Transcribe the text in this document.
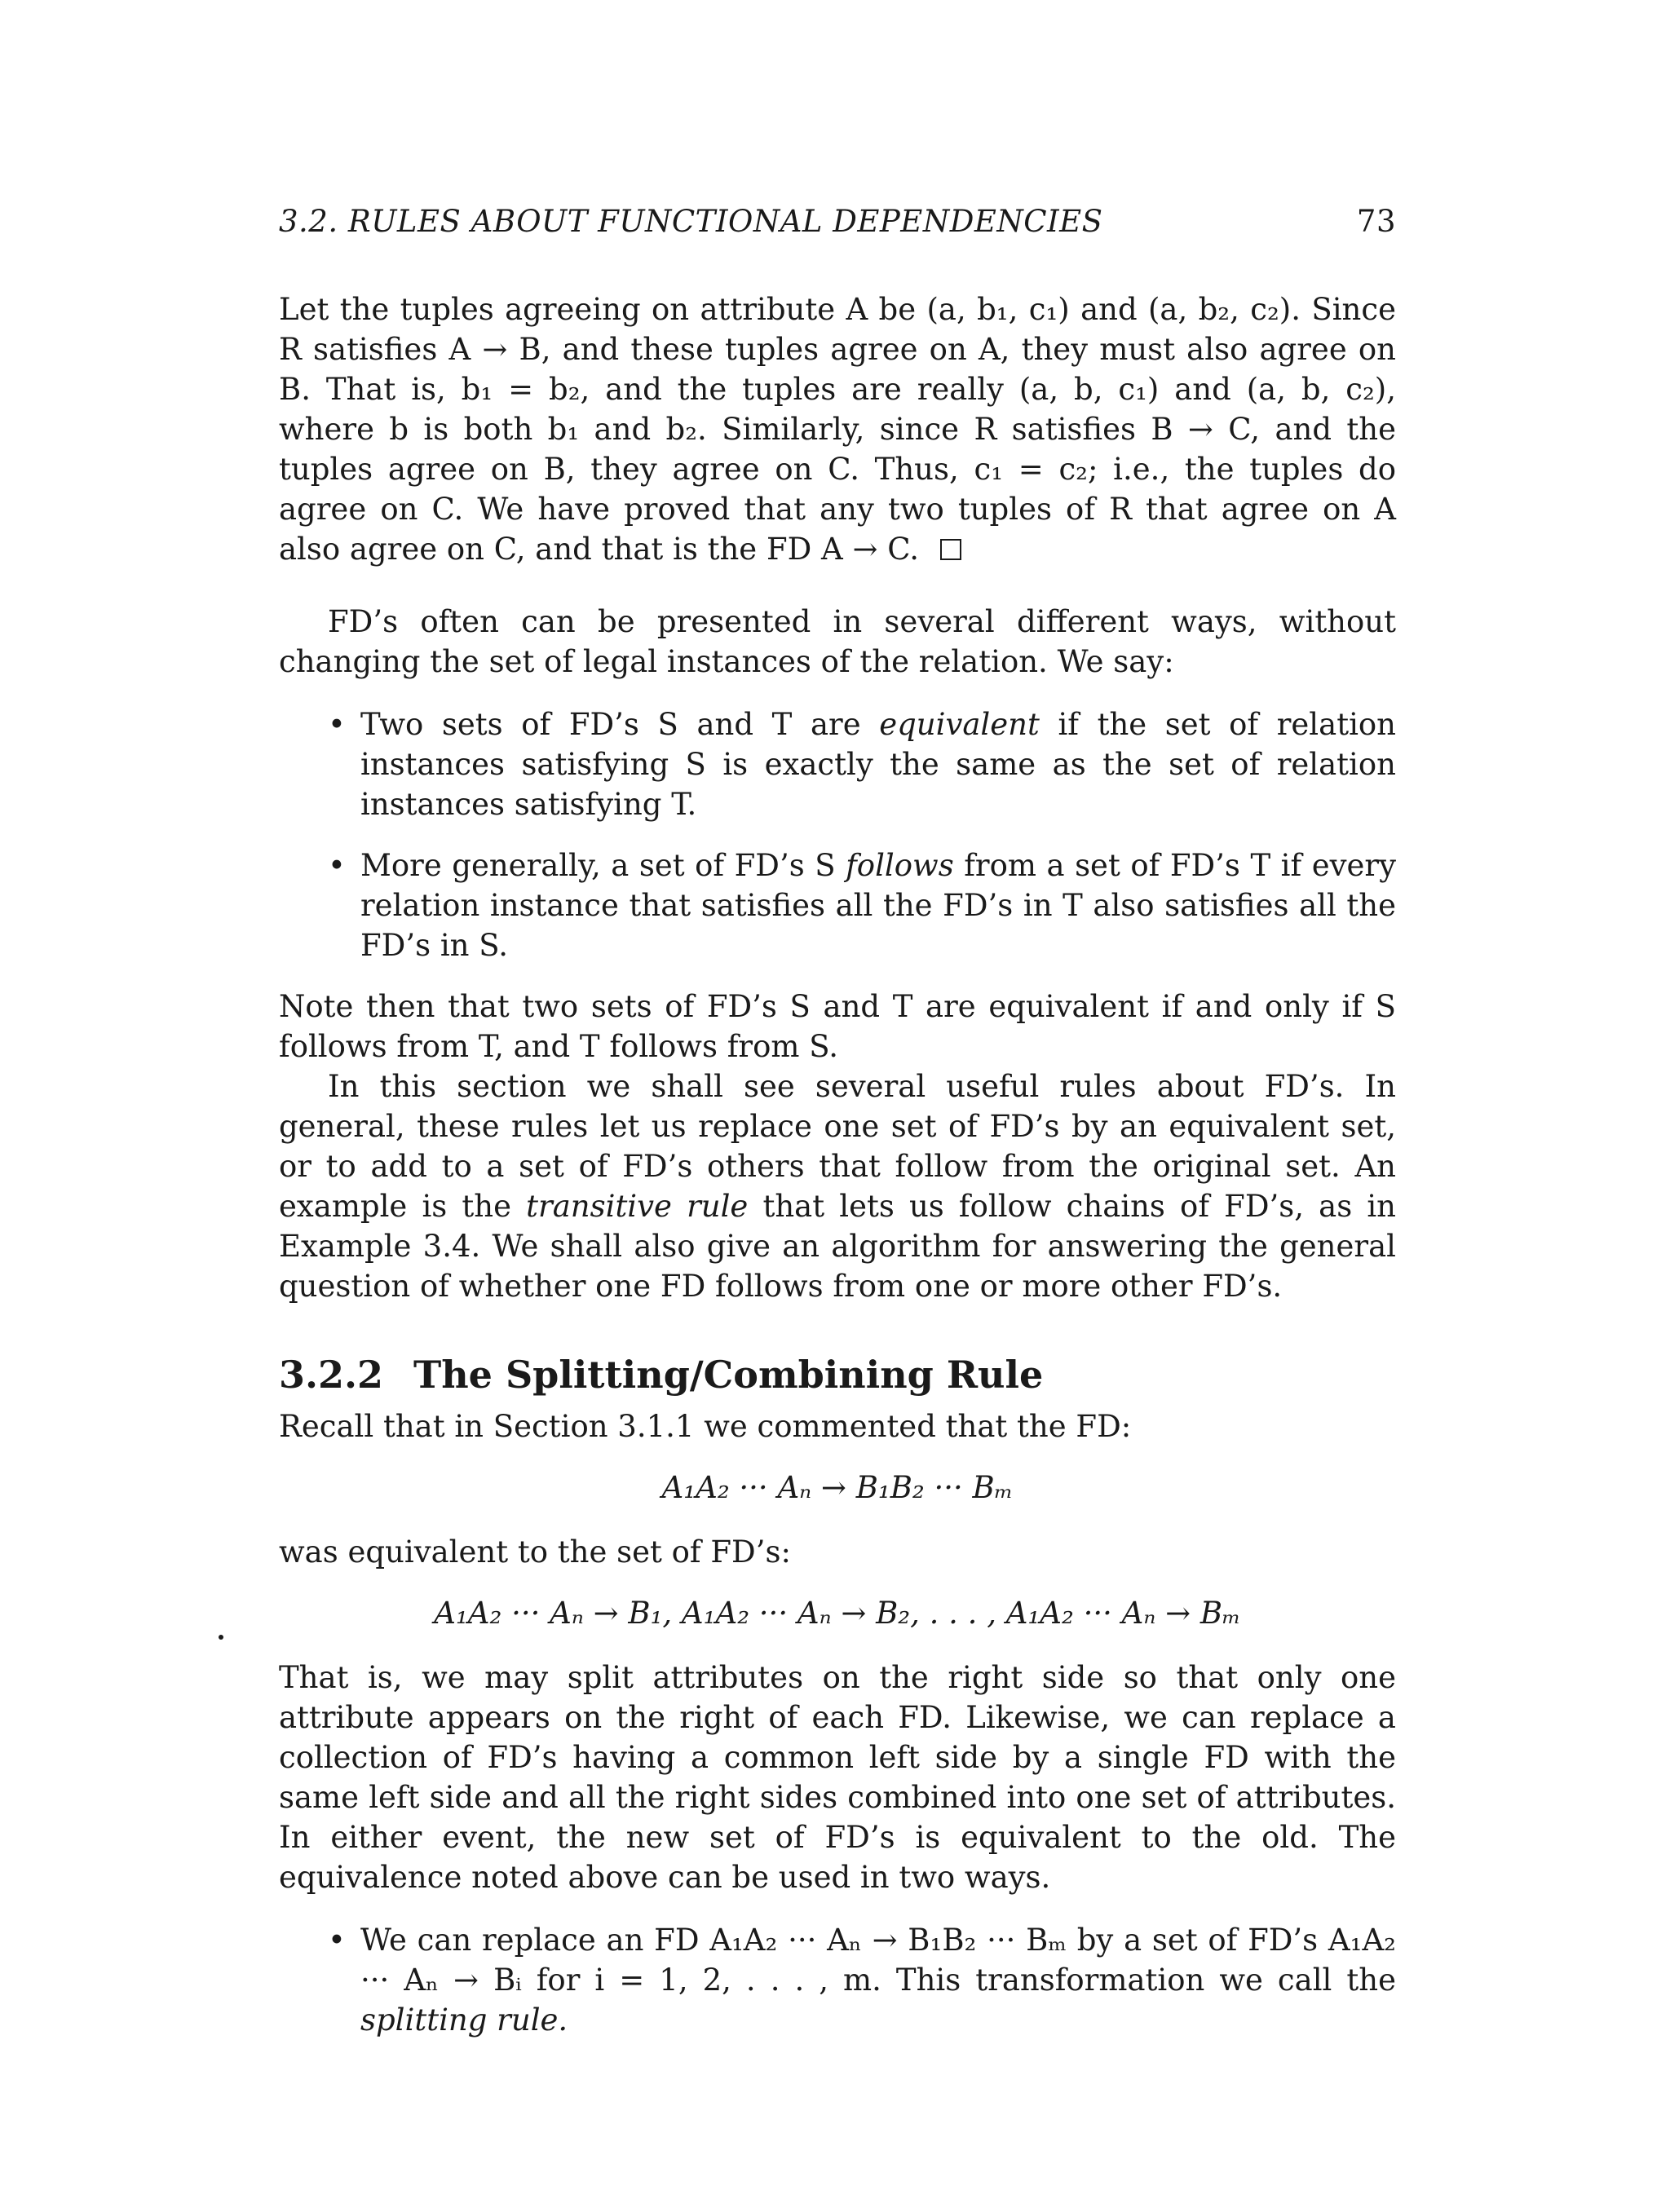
3.2. RULES ABOUT FUNCTIONAL DEPENDENCIES	73

Let the tuples agreeing on attribute A be (a, b₁, c₁) and (a, b₂, c₂). Since R satisfies A → B, and these tuples agree on A, they must also agree on B. That is, b₁ = b₂, and the tuples are really (a, b, c₁) and (a, b, c₂), where b is both b₁ and b₂. Similarly, since R satisfies B → C, and the tuples agree on B, they agree on C. Thus, c₁ = c₂; i.e., the tuples do agree on C. We have proved that any two tuples of R that agree on A also agree on C, and that is the FD A → C.

FD’s often can be presented in several different ways, without changing the set of legal instances of the relation. We say:

• Two sets of FD’s S and T are equivalent if the set of relation instances satisfying S is exactly the same as the set of relation instances satisfying T.
• More generally, a set of FD’s S follows from a set of FD’s T if every relation instance that satisfies all the FD’s in T also satisfies all the FD’s in S.

Note then that two sets of FD’s S and T are equivalent if and only if S follows from T, and T follows from S.

In this section we shall see several useful rules about FD’s. In general, these rules let us replace one set of FD’s by an equivalent set, or to add to a set of FD’s others that follow from the original set. An example is the transitive rule that lets us follow chains of FD’s, as in Example 3.4. We shall also give an algorithm for answering the general question of whether one FD follows from one or more other FD’s.

3.2.2 The Splitting/Combining Rule

Recall that in Section 3.1.1 we commented that the FD:

A₁A₂ ··· Aₙ → B₁B₂ ··· Bₘ

was equivalent to the set of FD’s:

A₁A₂ ··· Aₙ → B₁, A₁A₂ ··· Aₙ → B₂, . . . , A₁A₂ ··· Aₙ → Bₘ

That is, we may split attributes on the right side so that only one attribute appears on the right of each FD. Likewise, we can replace a collection of FD’s having a common left side by a single FD with the same left side and all the right sides combined into one set of attributes. In either event, the new set of FD’s is equivalent to the old. The equivalence noted above can be used in two ways.

• We can replace an FD A₁A₂ ··· Aₙ → B₁B₂ ··· Bₘ by a set of FD’s A₁A₂ ··· Aₙ → Bᵢ for i = 1, 2, . . . , m. This transformation we call the splitting rule.
